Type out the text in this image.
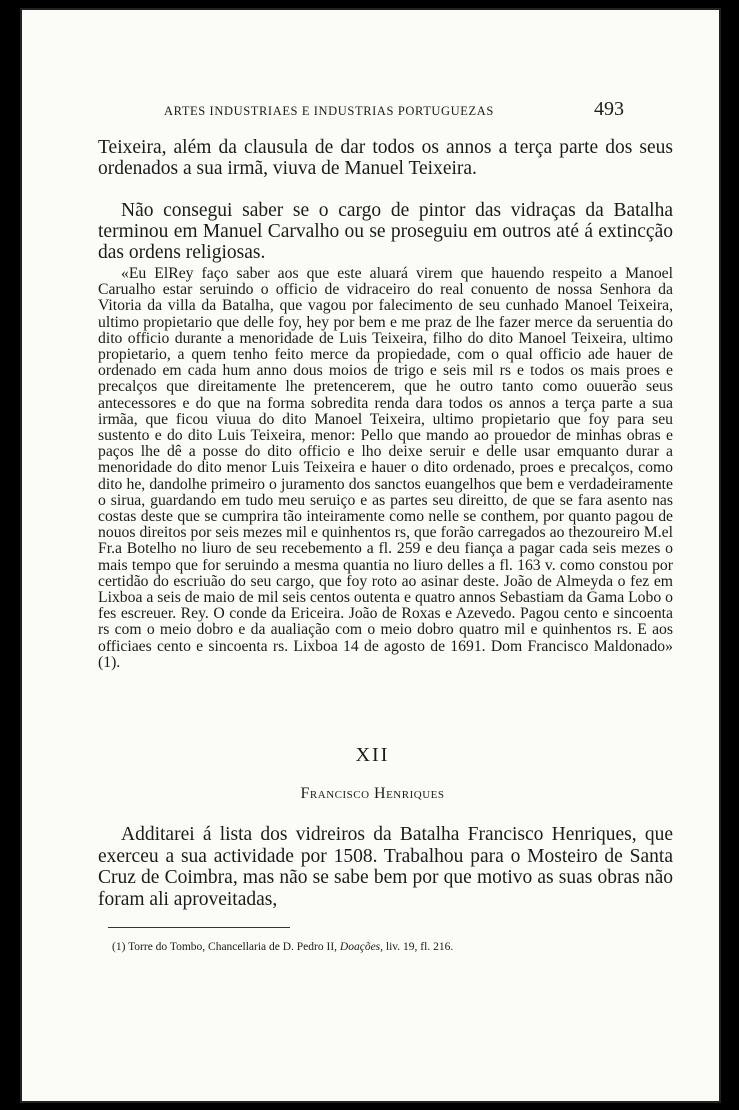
ARTES INDUSTRIAES E INDUSTRIAS PORTUGUEZAS	493

Teixeira, além da clausula de dar todos os annos a terça parte dos seus ordenados a sua irmã, viuva de Manuel Teixeira.

Não consegui saber se o cargo de pintor das vidraças da Batalha terminou em Manuel Carvalho ou se proseguiu em outros até á extincção das ordens religiosas.

«Eu ElRey faço saber aos que este aluará virem que hauendo respeito a Manoel Carualho estar seruindo o officio de vidraceiro do real conuento de nossa Senhora da Vitoria da villa da Batalha, que vagou por falecimento de seu cunhado Manoel Teixeira, ultimo propietario que delle foy, hey por bem e me praz de lhe fazer merce da seruentia do dito officio durante a menoridade de Luis Teixeira, filho do dito Manoel Teixeira, ultimo propietario, a quem tenho feito merce da propiedade, com o qual officio ade hauer de ordenado em cada hum anno dous moios de trigo e seis mil rs e todos os mais proes e precalços que direitamente lhe pretencerem, que he outro tanto como ouuerão seus antecessores e do que na forma sobredita renda dara todos os annos a terça parte a sua irmãa, que ficou viuua do dito Manoel Teixeira, ultimo propietario que foy para seu sustento e do dito Luis Teixeira, menor: Pello que mando ao prouedor de minhas obras e paços lhe dê a posse do dito officio e lho deixe seruir e delle usar emquanto durar a menoridade do dito menor Luis Teixeira e hauer o dito ordenado, proes e precalços, como dito he, dandolhe primeiro o juramento dos sanctos euangelhos que bem e verdadeiramente o sirua, guardando em tudo meu seruiço e as partes seu direitto, de que se fara asento nas costas deste que se cumprira tão inteiramente como nelle se conthem, por quanto pagou de nouos direitos por seis mezes mil e quinhentos rs, que forão carregados ao thezoureiro M.el Fr.a Botelho no liuro de seu recebemento a fl. 259 e deu fiança a pagar cada seis mezes o mais tempo que for seruindo a mesma quantia no liuro delles a fl. 163 v. como constou por certidão do escriuão do seu cargo, que foy roto ao asinar deste. João de Almeyda o fez em Lixboa a seis de maio de mil seis centos outenta e quatro annos Sebastiam da Gama Lobo o fes escreuer. Rey. O conde da Ericeira. João de Roxas e Azevedo. Pagou cento e sincoenta rs com o meio dobro e da aualiação com o meio dobro quatro mil e quinhentos rs. E aos officiaes cento e sincoenta rs. Lixboa 14 de agosto de 1691. Dom Francisco Maldonado» (1).

XII
Francisco Henriques

Additarei á lista dos vidreiros da Batalha Francisco Henriques, que exerceu a sua actividade por 1508. Trabalhou para o Mosteiro de Santa Cruz de Coimbra, mas não se sabe bem por que motivo as suas obras não foram ali aproveitadas,

(1) Torre do Tombo, Chancellaria de D. Pedro II, Doações, liv. 19, fl. 216.
